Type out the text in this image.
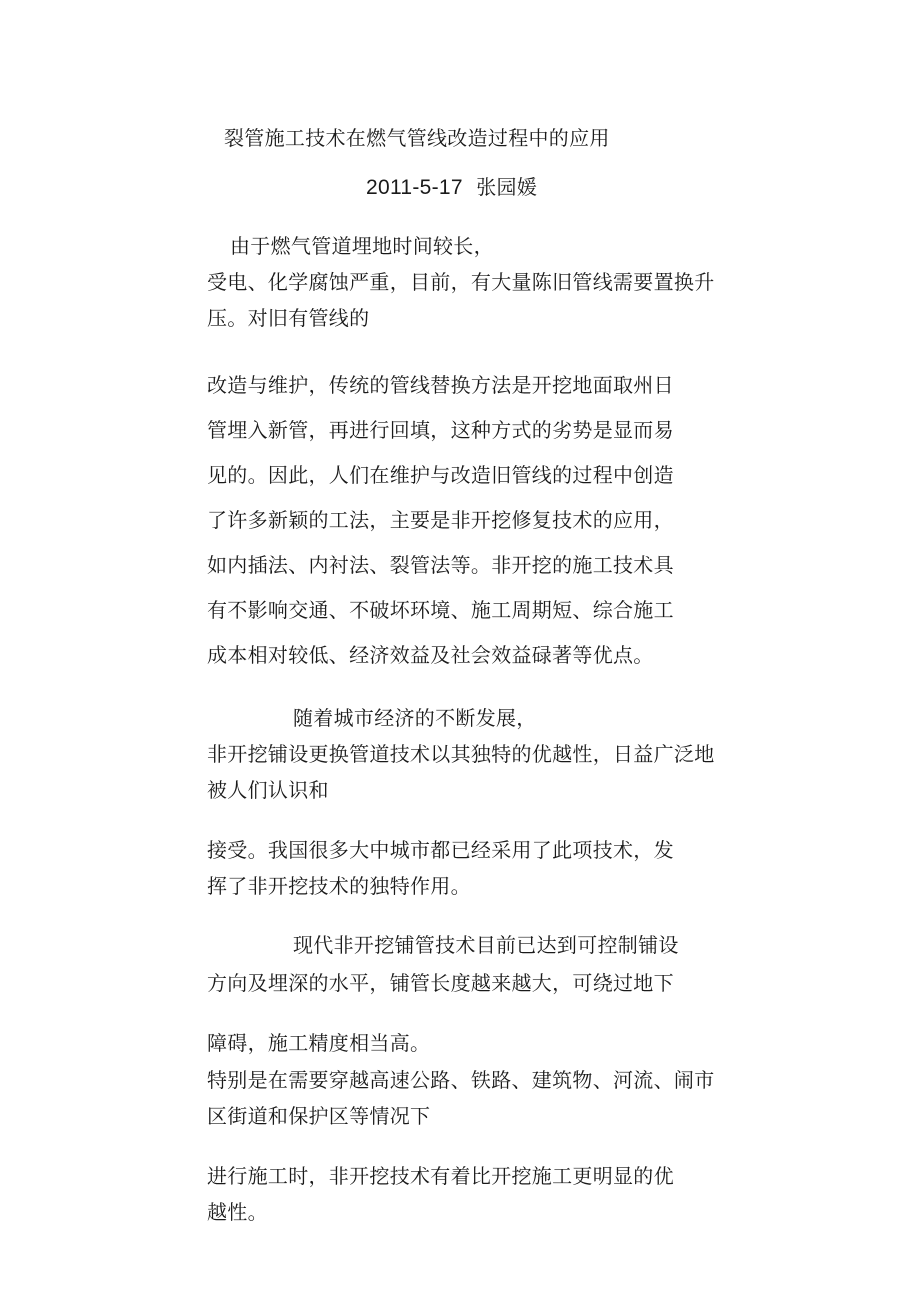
裂管施工技术在燃气管线改造过程中的应用
2011-5-17 张园媛
由于燃气管道埋地时间较长，
受电、化学腐蚀严重，目前，有大量陈旧管线需要置换升
压。对旧有管线的
改造与维护，传统的管线替换方法是开挖地面取州日
管埋入新管，再进行回填，这种方式的劣势是显而易
见的。因此，人们在维护与改造旧管线的过程中创造
了许多新颖的工法，主要是非开挖修复技术的应用，
如内插法、内衬法、裂管法等。非开挖的施工技术具
有不影响交通、不破坏环境、施工周期短、综合施工
成本相对较低、经济效益及社会效益碌著等优点。
随着城市经济的不断发展，
非开挖铺设更换管道技术以其独特的优越性，日益广泛地
被人们认识和
接受。我国很多大中城市都已经采用了此项技术，发
挥了非开挖技术的独特作用。
现代非开挖铺管技术目前已达到可控制铺设
方向及埋深的水平，铺管长度越来越大，可绕过地下
障碍，施工精度相当高。
特别是在需要穿越高速公路、铁路、建筑物、河流、闹市
区街道和保护区等情况下
进行施工时，非开挖技术有着比开挖施工更明显的优
越性。
